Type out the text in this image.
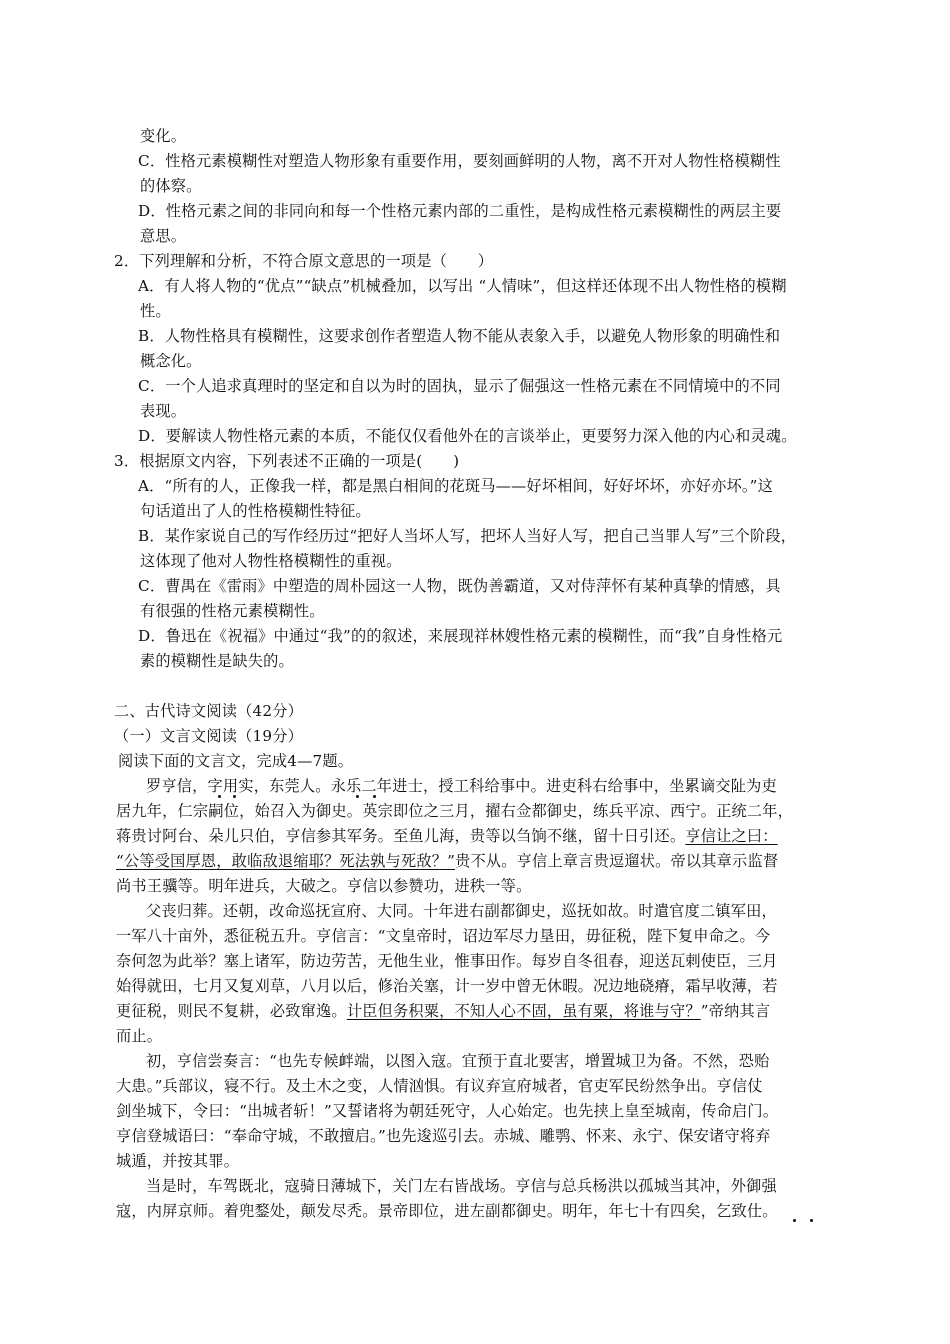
变化。
C．性格元素模糊性对塑造人物形象有重要作用，要刻画鲜明的人物，离不开对人物性格模糊性
的体察。
D．性格元素之间的非同向和每一个性格元素内部的二重性，是构成性格元素模糊性的两层主要
意思。
2．下列理解和分析，不符合原文意思的一项是（　　）
A．有人将人物的“优点”“缺点”机械叠加，以写出 “人情味”，但这样还体现不出人物性格的模糊
性。
B．人物性格具有模糊性，这要求创作者塑造人物不能从表象入手，以避免人物形象的明确性和
概念化。
C．一个人追求真理时的坚定和自以为时的固执，显示了倔强这一性格元素在不同情境中的不同
表现。
D．要解读人物性格元素的本质，不能仅仅看他外在的言谈举止，更要努力深入他的内心和灵魂。
3．根据原文内容，下列表述不正确的一项是(　　)
A．“所有的人，正像我一样，都是黑白相间的花斑马——好坏相间，好好坏坏，亦好亦坏。”这
句话道出了人的性格模糊性特征。
B．某作家说自己的写作经历过“把好人当坏人写，把坏人当好人写，把自己当罪人写”三个阶段，
这体现了他对人物性格模糊性的重视。
C．曹禺在《雷雨》中塑造的周朴园这一人物，既伪善霸道，又对侍萍怀有某种真挚的情感，具
有很强的性格元素模糊性。
D．鲁迅在《祝福》中通过“我”的的叙述，来展现祥林嫂性格元素的模糊性，而“我”自身性格元
素的模糊性是缺失的。
二、古代诗文阅读（42分）
（一）文言文阅读（19分）
阅读下面的文言文，完成4—7题。
罗亨信，字用实，东莞人。永乐二年进士，授工科给事中。进吏科右给事中，坐累谪交阯为吏
居九年，仁宗嗣位，始召入为御史。英宗即位之三月，擢右佥都御史，练兵平凉、西宁。正统二年，
蒋贵讨阿台、朵儿只伯，亨信参其军务。至鱼儿海，贵等以刍饷不继，留十日引还。亨信让之曰：
“公等受国厚恩，敢临敌退缩耶？死法孰与死敌？”贵不从。亨信上章言贵逗遛状。帝以其章示监督
尚书王骥等。明年进兵，大破之。亨信以参赞功，进秩一等。
父丧归葬。还朝，改命巡抚宣府、大同。十年进右副都御史，巡抚如故。时遣官度二镇军田，
一军八十亩外，悉征税五升。亨信言：“文皇帝时，诏边军尽力垦田，毋征税，陛下复申命之。今
奈何忽为此举？塞上诸军，防边劳苦，无他生业，惟事田作。每岁自冬徂春，迎送瓦剌使臣，三月
始得就田，七月又复刈草，八月以后，修治关塞，计一岁中曾无休暇。况边地硗瘠，霜早收薄，若
更征税，则民不复耕，必致窜逸。计臣但务积粟，不知人心不固，虽有粟，将谁与守？”帝纳其言
而止。
初，亨信尝奏言：“也先专候衅端，以图入寇。宜预于直北要害，增置城卫为备。不然，恐贻
大患。”兵部议，寝不行。及土木之变，人情汹惧。有议弃宣府城者，官吏军民纷然争出。亨信仗
剑坐城下，令曰：“出城者斩！”又誓诸将为朝廷死守，人心始定。也先挟上皇至城南，传命启门。
亨信登城语曰：“奉命守城，不敢擅启。”也先逡巡引去。赤城、雕鹗、怀来、永宁、保安诸守将弃
城遁，并按其罪。
当是时，车驾既北，寇骑日薄城下，关门左右皆战场。亨信与总兵杨洪以孤城当其冲，外御强
寇，内屏京师。着兜鍪处，颠发尽秃。景帝即位，进左副都御史。明年，年七十有四矣，乞致仕。
